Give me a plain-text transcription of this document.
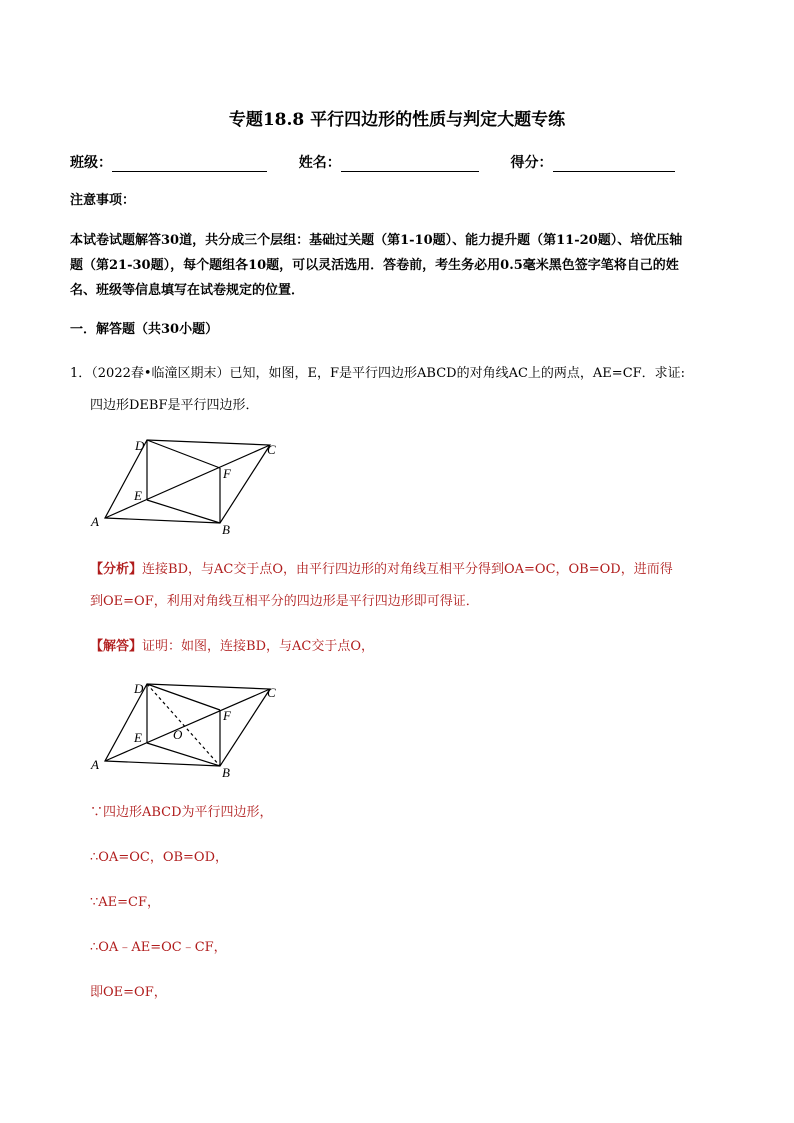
专题18.8 平行四边形的性质与判定大题专练
班级：	姓名：	得分：
注意事项：
本试卷试题解答30道，共分成三个层组：基础过关题（第1-10题）、能力提升题（第11-20题）、培优压轴
题（第21-30题），每个题组各10题，可以灵活选用．答卷前，考生务必用0.5毫米黑色签字笔将自己的姓
名、班级等信息填写在试卷规定的位置．
一．解答题（共30小题）
1．（2022春•临潼区期末）已知，如图，E，F是平行四边形ABCD的对角线AC上的两点，AE=CF．求证:
四边形DEBF是平行四边形．
A
B
C
D
E
F
【分析】连接BD，与AC交于点O，由平行四边形的对角线互相平分得到OA=OC，OB=OD，进而得
到OE=OF，利用对角线互相平分的四边形是平行四边形即可得证．
【解答】证明：如图，连接BD，与AC交于点O，
A
B
C
D
E
F
O
∵四边形ABCD为平行四边形，
∴OA=OC，OB=OD，
∵AE=CF，
∴OA﹣AE=OC﹣CF，
即OE=OF，
